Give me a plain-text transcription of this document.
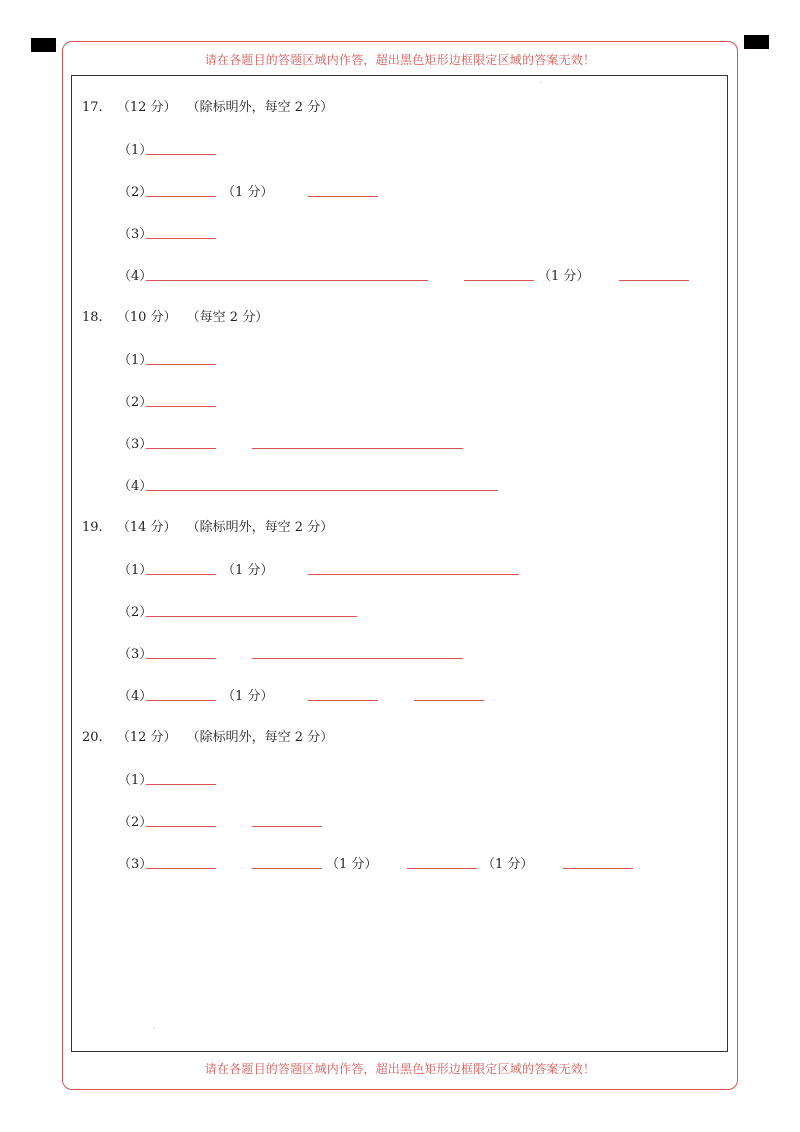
请在各题目的答题区域内作答，超出黑色矩形边框限定区域的答案无效！
请在各题目的答题区域内作答，超出黑色矩形边框限定区域的答案无效！
'
'
17. （12 分） （除标明外，每空 2 分）
（1）
（2）	（1 分）
（3）
（4）	（1 分）
18. （10 分） （每空 2 分）
（1）
（2）
（3）
（4）
19. （14 分） （除标明外，每空 2 分）
（1）	（1 分）
（2）
（3）
（4）	（1 分）
20. （12 分） （除标明外，每空 2 分）
（1）
（2）
（3）	（1 分）	（1 分）
